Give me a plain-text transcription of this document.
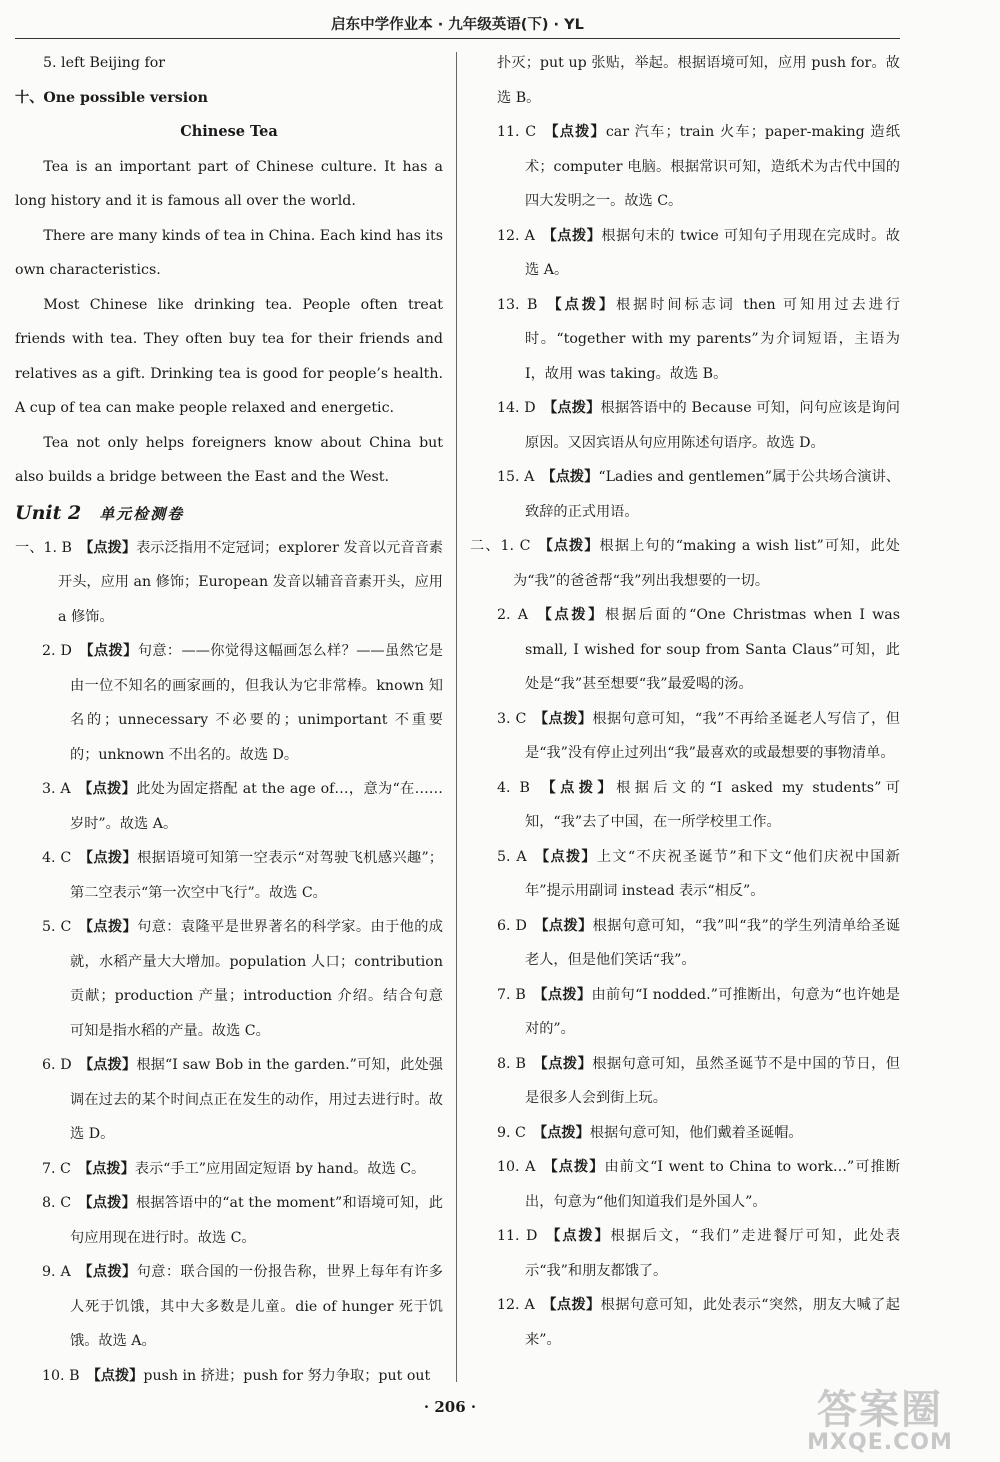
启东中学作业本 · 九年级英语(下) · YL
5. left Beijing for
十、One possible version
Chinese Tea
Tea is an important part of Chinese culture. It has a long history and it is famous all over the world.
There are many kinds of tea in China. Each kind has its own characteristics.
Most Chinese like drinking tea. People often treat friends with tea. They often buy tea for their friends and relatives as a gift. Drinking tea is good for people’s health. A cup of tea can make people relaxed and energetic.
Tea not only helps foreigners know about China but also builds a bridge between the East and the West.
Unit 2 单元检测卷
一、1. B  【点拨】表示泛指用不定冠词；explorer 发音以元音音素开头，应用 an 修饰；European 发音以辅音音素开头，应用 a 修饰。
2. D  【点拨】句意：——你觉得这幅画怎么样？——虽然它是由一位不知名的画家画的，但我认为它非常棒。known 知名的；unnecessary 不必要的；unimportant 不重要的；unknown 不出名的。故选 D。
3. A  【点拨】此处为固定搭配 at the age of…，意为“在……岁时”。故选 A。
4. C  【点拨】根据语境可知第一空表示“对驾驶飞机感兴趣”；第二空表示“第一次空中飞行”。故选 C。
5. C  【点拨】句意：袁隆平是世界著名的科学家。由于他的成就，水稻产量大大增加。population 人口；contribution 贡献；production 产量；introduction 介绍。结合句意可知是指水稻的产量。故选 C。
6. D  【点拨】根据“I saw Bob in the garden.”可知，此处强调在过去的某个时间点正在发生的动作，用过去进行时。故选 D。
7. C  【点拨】表示“手工”应用固定短语 by hand。故选 C。
8. C  【点拨】根据答语中的“at the moment”和语境可知，此句应用现在进行时。故选 C。
9. A  【点拨】句意：联合国的一份报告称，世界上每年有许多人死于饥饿，其中大多数是儿童。die of hunger 死于饥饿。故选 A。
10. B  【点拨】push in 挤进；push for 努力争取；put out
扑灭；put up 张贴，举起。根据语境可知，应用 push for。故选 B。
11. C  【点拨】car 汽车；train 火车；paper-making 造纸术；computer 电脑。根据常识可知，造纸术为古代中国的四大发明之一。故选 C。
12. A  【点拨】根据句末的 twice 可知句子用现在完成时。故选 A。
13. B  【点拨】根据时间标志词 then 可知用过去进行时。“together with my parents”为介词短语，主语为 I，故用 was taking。故选 B。
14. D  【点拨】根据答语中的 Because 可知，问句应该是询问原因。又因宾语从句应用陈述句语序。故选 D。
15. A  【点拨】“Ladies and gentlemen”属于公共场合演讲、致辞的正式用语。
二、1. C  【点拨】根据上句的“making a wish list”可知，此处为“我”的爸爸帮“我”列出我想要的一切。
2. A  【点拨】根据后面的“One Christmas when I was small, I wished for soup from Santa Claus”可知，此处是“我”甚至想要“我”最爱喝的汤。
3. C  【点拨】根据句意可知，“我”不再给圣诞老人写信了，但是“我”没有停止过列出“我”最喜欢的或最想要的事物清单。
4. B  【点拨】根据后文的“I asked my students”可知，“我”去了中国，在一所学校里工作。
5. A  【点拨】上文“不庆祝圣诞节”和下文“他们庆祝中国新年”提示用副词 instead 表示“相反”。
6. D  【点拨】根据句意可知，“我”叫“我”的学生列清单给圣诞老人，但是他们笑话“我”。
7. B  【点拨】由前句“I nodded.”可推断出，句意为“也许她是对的”。
8. B  【点拨】根据句意可知，虽然圣诞节不是中国的节日，但是很多人会到街上玩。
9. C  【点拨】根据句意可知，他们戴着圣诞帽。
10. A  【点拨】由前文“I went to China to work…”可推断出，句意为“他们知道我们是外国人”。
11. D  【点拨】根据后文，“我们”走进餐厅可知，此处表示“我”和朋友都饿了。
12. A  【点拨】根据句意可知，此处表示“突然，朋友大喊了起来”。
· 206 ·	答案圈
MXQE.COM
